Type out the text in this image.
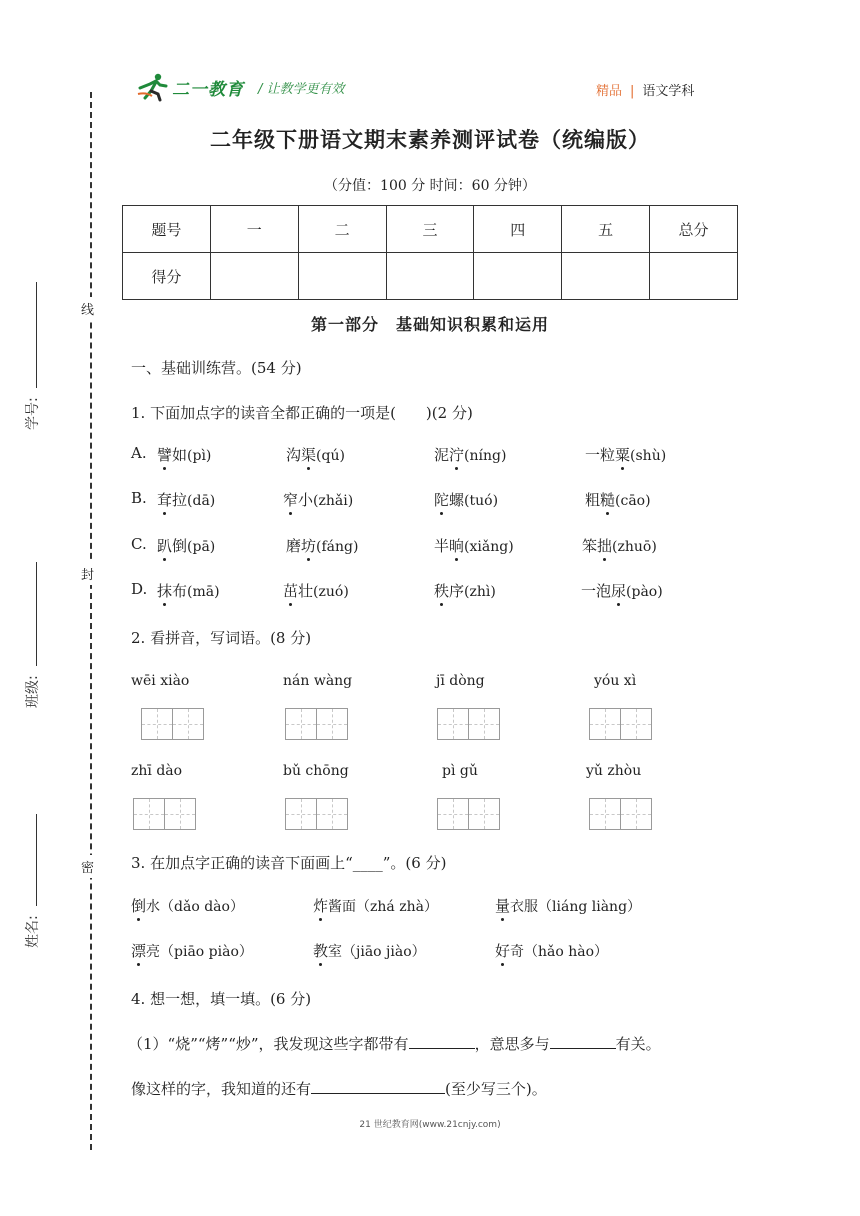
线
封
密
学号:
班级:
姓名:
二一教育 / 让教学更有效	精品 | 语文学科
二年级下册语文期末素养测评试卷（统编版）
（分值：100 分 时间：60 分钟）
题号	一	二	三	四	五	总分
得分						
第一部分　基础知识积累和运用
一、基础训练营。(54 分)
1. 下面加点字的读音全都正确的一项是(　　)(2 分)
A. 譬如(pì)	沟渠(qú)	泥泞(níng)	一粒粟(shù)
B. 耷拉(dā)	窄小(zhǎi)	陀螺(tuó)	粗糙(cāo)
C. 趴倒(pā)	磨坊(fáng)	半晌(xiǎng)	笨拙(zhuō)
D. 抹布(mā)	茁壮(zuó)	秩序(zhì)	一泡尿(pào)
2. 看拼音，写词语。(8 分)
wēi xiào	nán wàng	jī dòng	yóu xì
zhī dào	bǔ chōng	pì gǔ	yǔ zhòu
3. 在加点字正确的读音下面画上“____”。(6 分)
倒水（dǎo dào）	炸酱面（zhá zhà）	量衣服（liáng liàng）
漂亮（piāo piào）	教室（jiāo jiào）	好奇（hǎo hào）
4. 想一想，填一填。(6 分)
（1）“烧”“烤”“炒”，我发现这些字都带有	，意思多与	有关。
像这样的字，我知道的还有	(至少写三个)。
21 世纪教育网(www.21cnjy.com)
